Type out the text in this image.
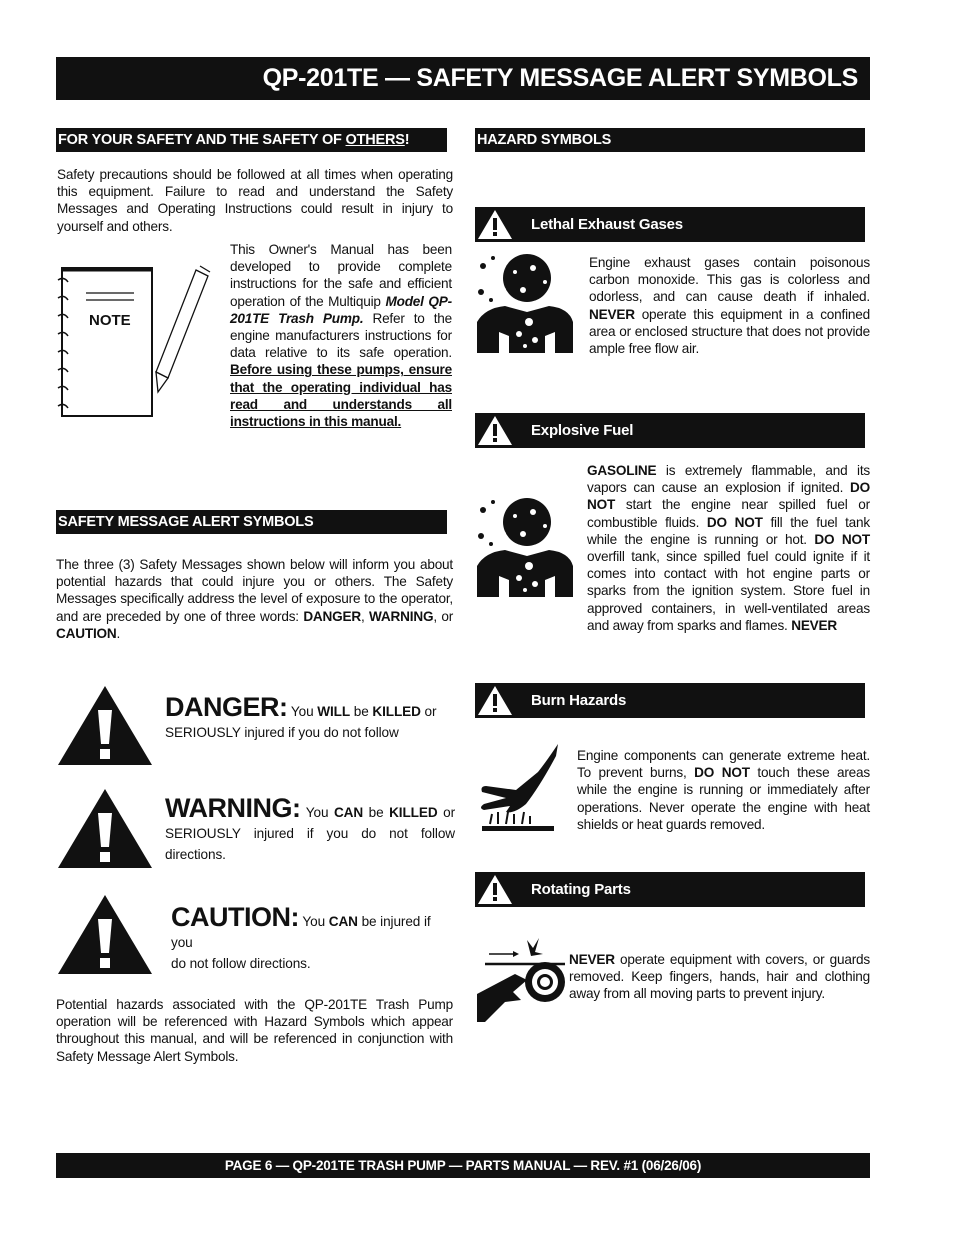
QP-201TE — SAFETY MESSAGE ALERT SYMBOLS
FOR YOUR SAFETY AND THE SAFETY OF OTHERS!
Safety precautions should be followed at all times when operating this equipment. Failure to read and understand the Safety Messages and Operating Instructions could result in injury to yourself and others.
NOTE
This Owner's Manual has been developed to provide complete instructions for the safe and efficient operation of the Multiquip Model QP-201TE Trash Pump. Refer to the engine manufacturers instructions for data relative to its safe operation. Before using these pumps, ensure that the operating individual has read and understands all instructions in this manual.
SAFETY MESSAGE ALERT SYMBOLS
The three (3) Safety Messages shown below will inform you about potential hazards that could injure you or others. The Safety Messages specifically address the level of exposure to the operator, and are preceded by one of three words: DANGER, WARNING, or CAUTION.
DANGER: You WILL be KILLED or
SERIOUSLY injured if you do not follow
WARNING: You CAN be KILLED or
SERIOUSLY injured if you do not follow
directions.
CAUTION: You CAN be injured if you
do not follow directions.
Potential hazards associated with the QP-201TE Trash Pump operation will be referenced with Hazard Symbols which appear throughout this manual, and will be referenced in conjunction with Safety Message Alert Symbols.
HAZARD SYMBOLS
Lethal Exhaust Gases
Engine exhaust gases contain poisonous carbon monoxide. This gas is colorless and odorless, and can cause death if inhaled. NEVER operate this equipment in a confined area or enclosed structure that does not provide ample free flow air.
Explosive Fuel
GASOLINE is extremely flammable, and its vapors can cause an explosion if ignited. DO NOT start the engine near spilled fuel or combustible fluids. DO NOT fill the fuel tank while the engine is running or hot. DO NOT overfill tank, since spilled fuel could ignite if it comes into contact with hot engine parts or sparks from the ignition system. Store fuel in approved containers, in well-ventilated areas and away from sparks and flames. NEVER
Burn Hazards
Engine components can generate extreme heat. To prevent burns, DO NOT touch these areas while the engine is running or immediately after operations. Never operate the engine with heat shields or heat guards removed.
Rotating Parts
NEVER operate equipment with covers, or guards removed. Keep fingers, hands, hair and clothing away from all moving parts to prevent injury.
PAGE 6 — QP-201TE TRASH PUMP — PARTS MANUAL — REV. #1 (06/26/06)
